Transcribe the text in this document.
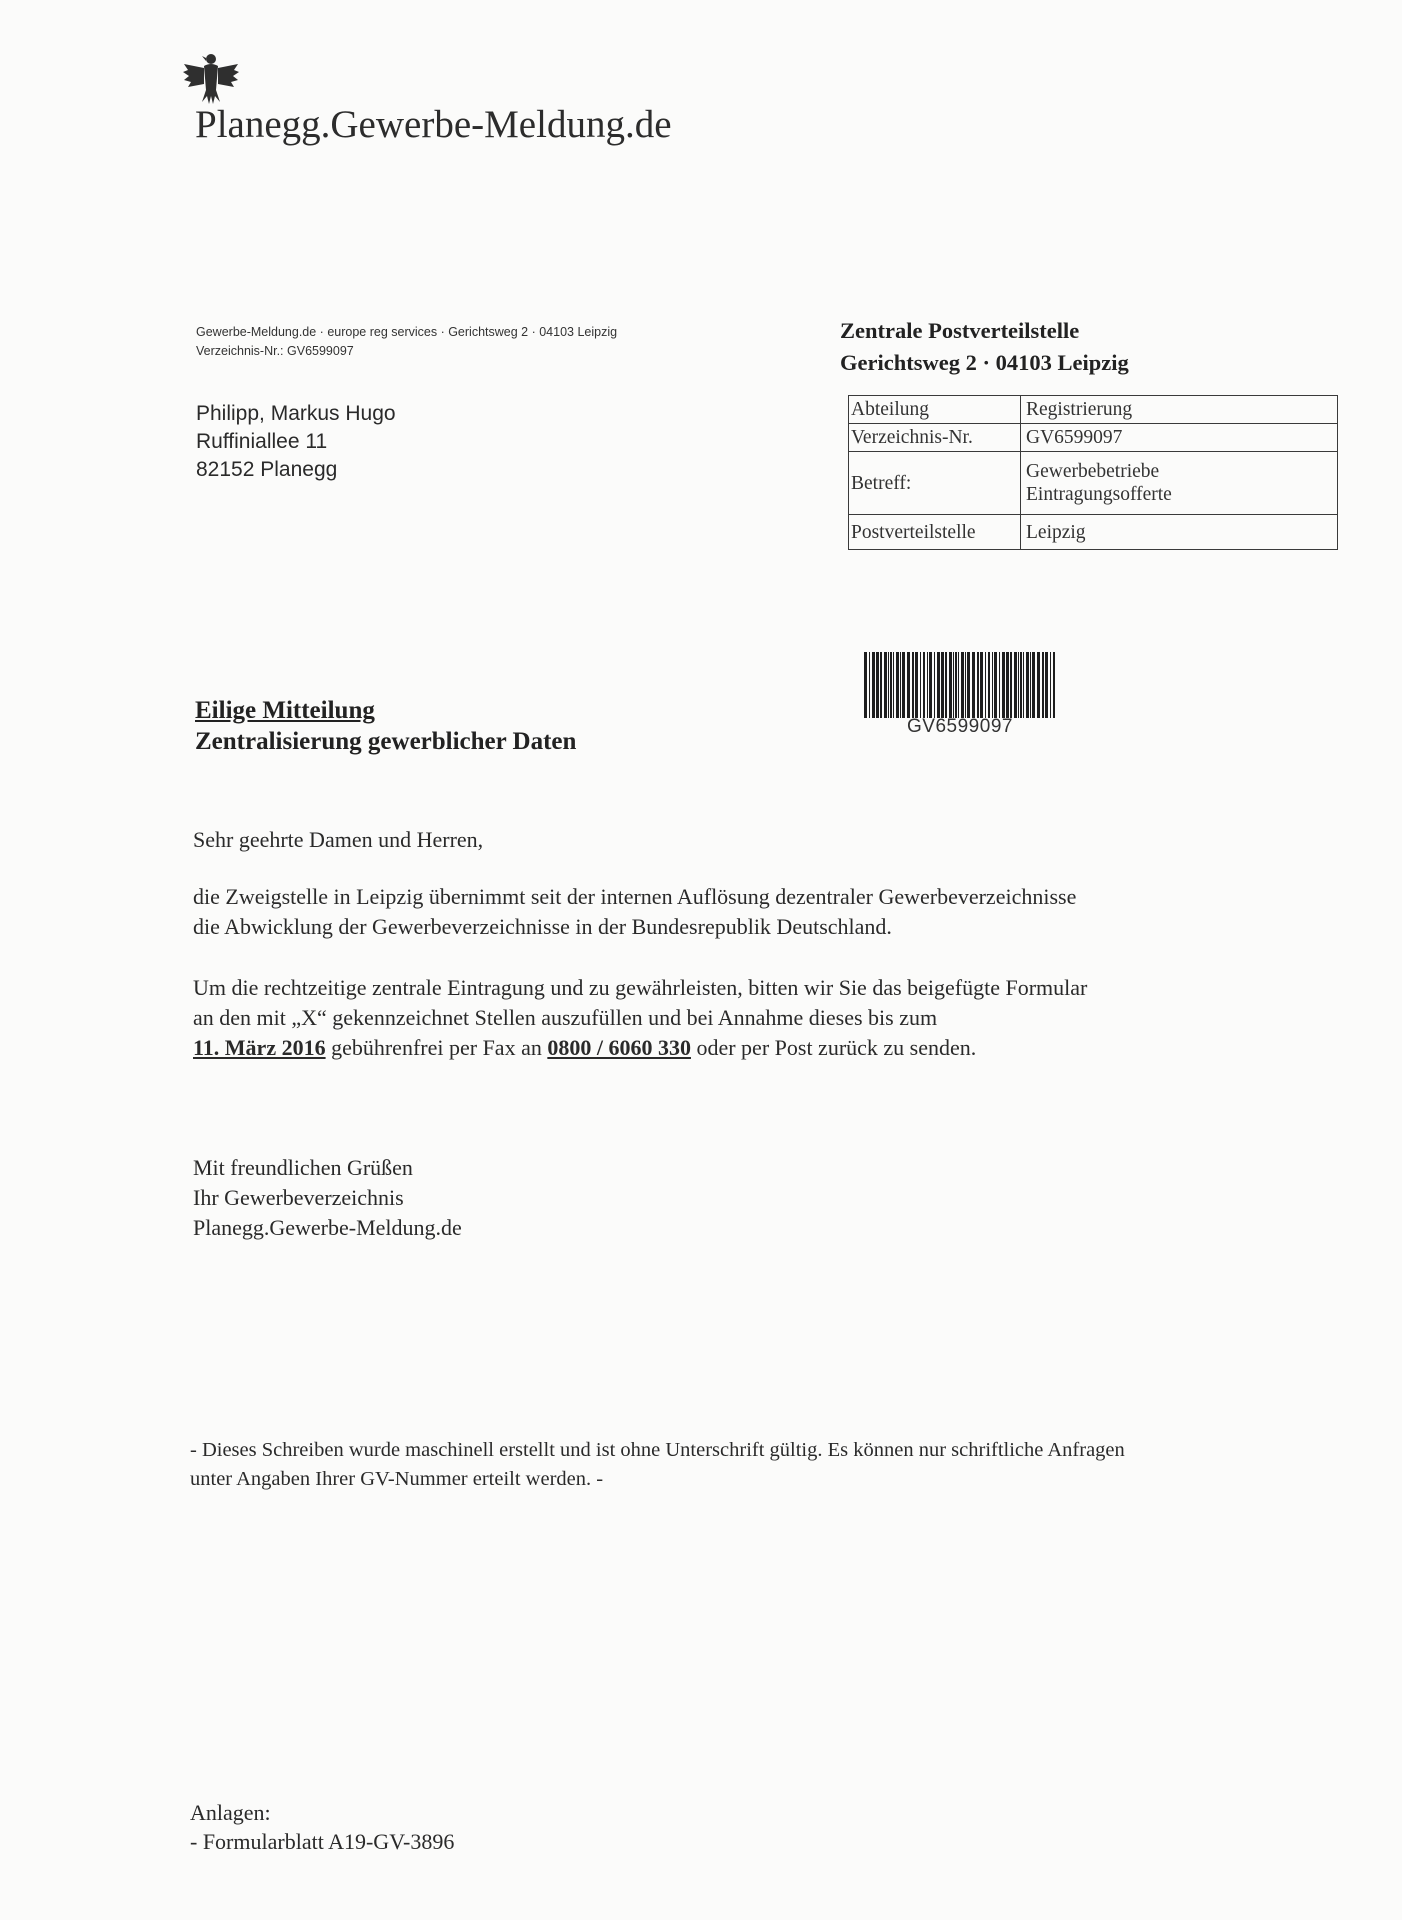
Planegg.Gewerbe-Meldung.de
Gewerbe-Meldung.de · europe reg services · Gerichtsweg 2 · 04103 Leipzig
Verzeichnis-Nr.: GV6599097
Philipp, Markus Hugo
Ruffiniallee 11
82152 Planegg
Zentrale Postverteilstelle
Gerichtsweg 2 · 04103 Leipzig
Abteilung	Registrierung
Verzeichnis-Nr.	GV6599097
Betreff:	Gewerbebetriebe
Eintragungsofferte

Postverteilstelle	Leipzig
GV6599097
Eilige Mitteilung
Zentralisierung gewerblicher Daten
Sehr geehrte Damen und Herren,
die Zweigstelle in Leipzig übernimmt seit der internen Auflösung dezentraler Gewerbeverzeichnisse
die Abwicklung der Gewerbeverzeichnisse in der Bundesrepublik Deutschland.
Um die rechtzeitige zentrale Eintragung und zu gewährleisten, bitten wir Sie das beigefügte Formular
an den mit „X“ gekennzeichnet Stellen auszufüllen und bei Annahme dieses bis zum
11. März 2016 gebührenfrei per Fax an 0800 / 6060 330 oder per Post zurück zu senden.
Mit freundlichen Grüßen
Ihr Gewerbeverzeichnis
Planegg.Gewerbe-Meldung.de
- Dieses Schreiben wurde maschinell erstellt und ist ohne Unterschrift gültig. Es können nur schriftliche Anfragen
unter Angaben Ihrer GV-Nummer erteilt werden. -
Anlagen:
- Formularblatt A19-GV-3896
